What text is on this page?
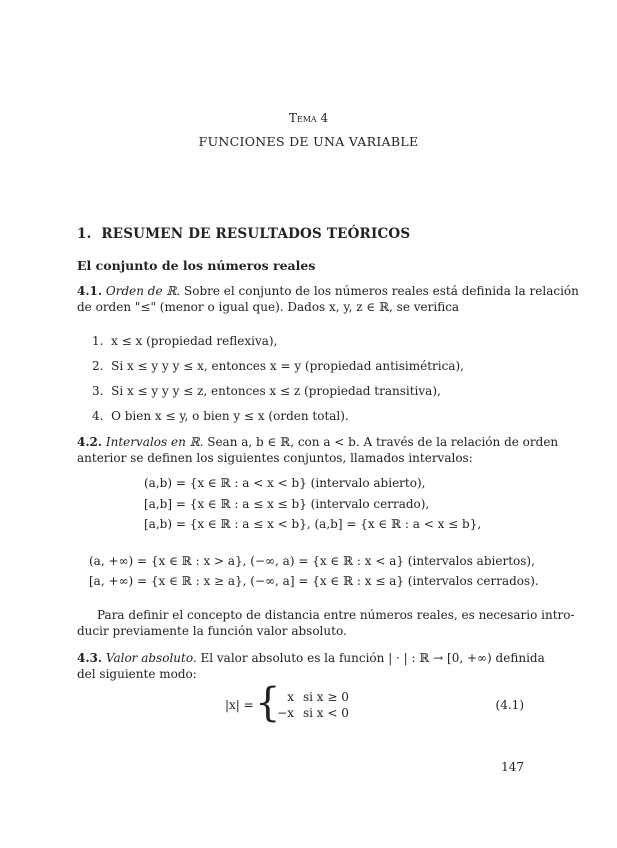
Tema 4
FUNCIONES DE UNA VARIABLE
1. RESUMEN DE RESULTADOS TEÓRICOS
El conjunto de los números reales
4.1. Orden de ℝ. Sobre el conjunto de los números reales está definida la relación
de orden "≤" (menor o igual que). Dados x, y, z ∈ ℝ, se verifica
1. x ≤ x (propiedad reflexiva),
2. Si x ≤ y y y ≤ x, entonces x = y (propiedad antisimétrica),
3. Si x ≤ y y y ≤ z, entonces x ≤ z (propiedad transitiva),
4. O bien x ≤ y, o bien y ≤ x (orden total).
4.2. Intervalos en ℝ. Sean a, b ∈ ℝ, con a < b. A través de la relación de orden
anterior se definen los siguientes conjuntos, llamados intervalos:
(a,b) = {x ∈ ℝ : a < x < b} (intervalo abierto),
[a,b] = {x ∈ ℝ : a ≤ x ≤ b} (intervalo cerrado),
[a,b) = {x ∈ ℝ : a ≤ x < b}, (a,b] = {x ∈ ℝ : a < x ≤ b},
(a, +∞) = {x ∈ ℝ : x > a}, (−∞, a) = {x ∈ ℝ : x < a} (intervalos abiertos),
[a, +∞) = {x ∈ ℝ : x ≥ a}, (−∞, a] = {x ∈ ℝ : x ≤ a} (intervalos cerrados).
Para definir el concepto de distancia entre números reales, es necesario intro-
ducir previamente la función valor absoluto.
4.3. Valor absoluto. El valor absoluto es la función | · | : ℝ → [0, +∞) definida
del siguiente modo:
|x| = { x si x ≥ 0
−x si x < 0
(4.1)
147
